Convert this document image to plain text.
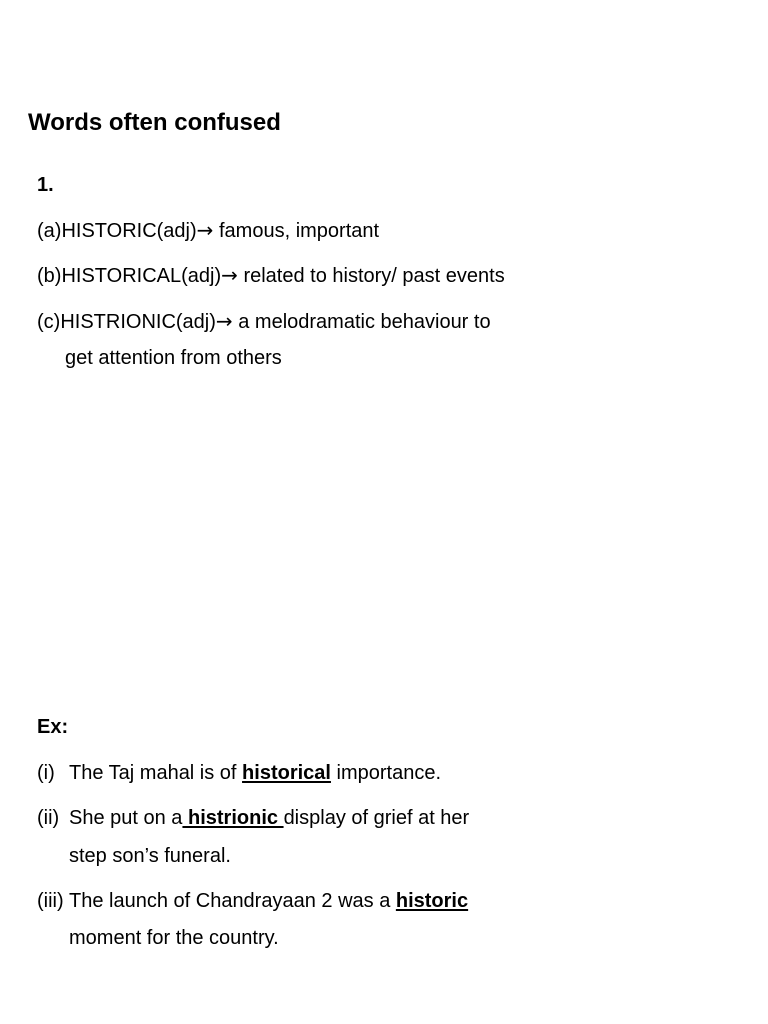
Words often confused
1.
(a)HISTORIC(adj)→ famous, important
(b)HISTORICAL(adj)→ related to history/ past events
(c)HISTRIONIC(adj)→ a melodramatic behaviour to
get attention from others
Ex:
(i) The Taj mahal is of historical importance.
(ii) She put on a histrionic display of grief at her
step son’s funeral.
(iii) The launch of Chandrayaan 2 was a historic
moment for the country.
